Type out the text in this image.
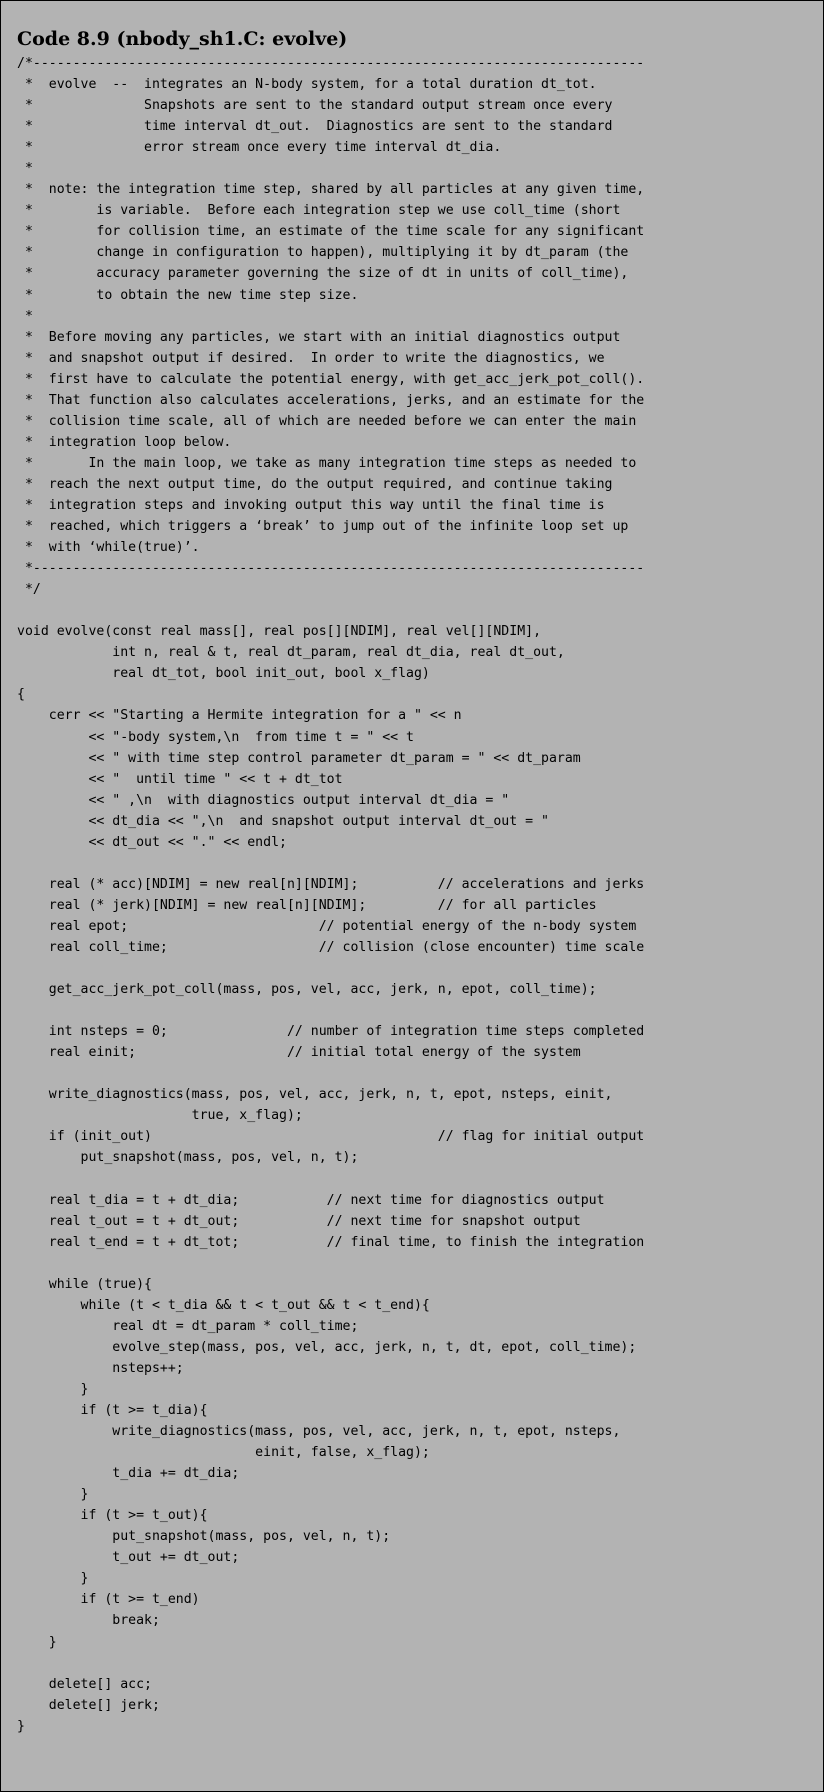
Code 8.9 (nbody_sh1.C: evolve)
/*-----------------------------------------------------------------------------
*  evolve  --  integrates an N-body system, for a total duration dt_tot.
*              Snapshots are sent to the standard output stream once every
*              time interval dt_out.  Diagnostics are sent to the standard
*              error stream once every time interval dt_dia.
*
*  note: the integration time step, shared by all particles at any given time,
*        is variable.  Before each integration step we use coll_time (short
*        for collision time, an estimate of the time scale for any significant
*        change in configuration to happen), multiplying it by dt_param (the
*        accuracy parameter governing the size of dt in units of coll_time),
*        to obtain the new time step size.
*
*  Before moving any particles, we start with an initial diagnostics output
*  and snapshot output if desired.  In order to write the diagnostics, we
*  first have to calculate the potential energy, with get_acc_jerk_pot_coll().
*  That function also calculates accelerations, jerks, and an estimate for the
*  collision time scale, all of which are needed before we can enter the main
*  integration loop below.
*       In the main loop, we take as many integration time steps as needed to
*  reach the next output time, do the output required, and continue taking
*  integration steps and invoking output this way until the final time is
*  reached, which triggers a ‘break’ to jump out of the infinite loop set up
*  with ‘while(true)’.
*-----------------------------------------------------------------------------
*/
void evolve(const real mass[], real pos[][NDIM], real vel[][NDIM],
int n, real & t, real dt_param, real dt_dia, real dt_out,
real dt_tot, bool init_out, bool x_flag)
{
cerr << "Starting a Hermite integration for a " << n
<< "-body system,\n  from time t = " << t
<< " with time step control parameter dt_param = " << dt_param
<< "  until time " << t + dt_tot
<< " ,\n  with diagnostics output interval dt_dia = "
<< dt_dia << ",\n  and snapshot output interval dt_out = "
<< dt_out << "." << endl;
real (* acc)[NDIM] = new real[n][NDIM];          // accelerations and jerks
real (* jerk)[NDIM] = new real[n][NDIM];         // for all particles
real epot;                        // potential energy of the n-body system
real coll_time;                   // collision (close encounter) time scale
get_acc_jerk_pot_coll(mass, pos, vel, acc, jerk, n, epot, coll_time);
int nsteps = 0;               // number of integration time steps completed
real einit;                   // initial total energy of the system
write_diagnostics(mass, pos, vel, acc, jerk, n, t, epot, nsteps, einit,
true, x_flag);
if (init_out)                                    // flag for initial output
put_snapshot(mass, pos, vel, n, t);
real t_dia = t + dt_dia;           // next time for diagnostics output
real t_out = t + dt_out;           // next time for snapshot output
real t_end = t + dt_tot;           // final time, to finish the integration
while (true){
while (t < t_dia && t < t_out && t < t_end){
real dt = dt_param * coll_time;
evolve_step(mass, pos, vel, acc, jerk, n, t, dt, epot, coll_time);
nsteps++;
}
if (t >= t_dia){
write_diagnostics(mass, pos, vel, acc, jerk, n, t, epot, nsteps,
einit, false, x_flag);
t_dia += dt_dia;
}
if (t >= t_out){
put_snapshot(mass, pos, vel, n, t);
t_out += dt_out;
}
if (t >= t_end)
break;
}
delete[] acc;
delete[] jerk;
}
